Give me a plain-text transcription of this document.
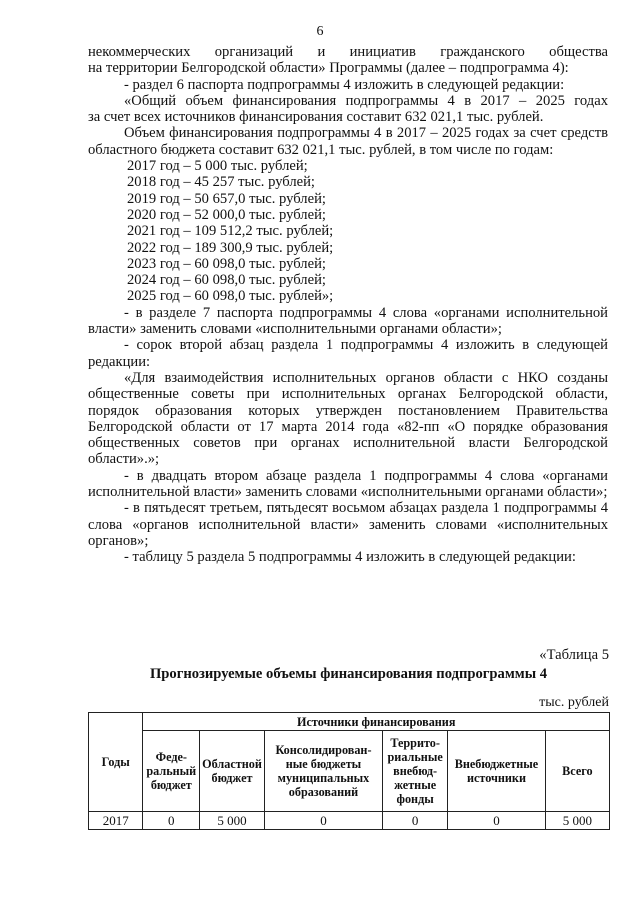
6

некоммерческих организаций и инициатив гражданского общества

на территории Белгородской области» Программы (далее – подпрограмма 4):

- раздел 6 паспорта подпрограммы 4 изложить в следующей редакции:

«Общий объем финансирования подпрограммы 4 в 2017 – 2025 годах

за счет всех источников финансирования составит 632 021,1 тыс. рублей.

Объем финансирования подпрограммы 4 в 2017 – 2025 годах за счет средств областного бюджета составит 632 021,1 тыс. рублей, в том числе по годам:

2017 год – 5 000 тыс. рублей;

2018 год – 45 257 тыс. рублей;

2019 год – 50 657,0 тыс. рублей;

2020 год – 52 000,0 тыс. рублей;

2021 год – 109 512,2 тыс. рублей;

2022 год – 189 300,9 тыс. рублей;

2023 год – 60 098,0 тыс. рублей;

2024 год – 60 098,0 тыс. рублей;

2025 год – 60 098,0 тыс. рублей»;

- в разделе 7 паспорта подпрограммы 4 слова «органами исполнительной власти» заменить словами «исполнительными органами области»;

- сорок второй абзац раздела 1 подпрограммы 4 изложить в следующей редакции:

«Для взаимодействия исполнительных органов области с НКО созданы общественные советы при исполнительных органах Белгородской области, порядок образования которых утвержден постановлением Правительства Белгородской области от 17 марта 2014 года «82-пп «О порядке образования общественных советов при органах исполнительной власти Белгородской области».»;

- в двадцать втором абзаце раздела 1 подпрограммы 4 слова «органами исполнительной власти» заменить словами «исполнительными органами области»;

- в пятьдесят третьем, пятьдесят восьмом абзацах раздела 1 подпрограммы 4 слова «органов исполнительной власти» заменить словами «исполнительных органов»;

- таблицу 5 раздела 5 подпрограммы 4 изложить в следующей редакции:

«Таблица 5
Прогнозируемые объемы финансирования подпрограммы 4
тыс. рублей
Годы	Источники финансирования					
	Феде-ральный бюджет	Областной бюджет	Консолидирован-ные бюджеты муниципальных образований	Террито-риальные внебюд-жетные фонды	Внебюджетные источники	Всего
2017	0	5 000	0	0	0	5 000
